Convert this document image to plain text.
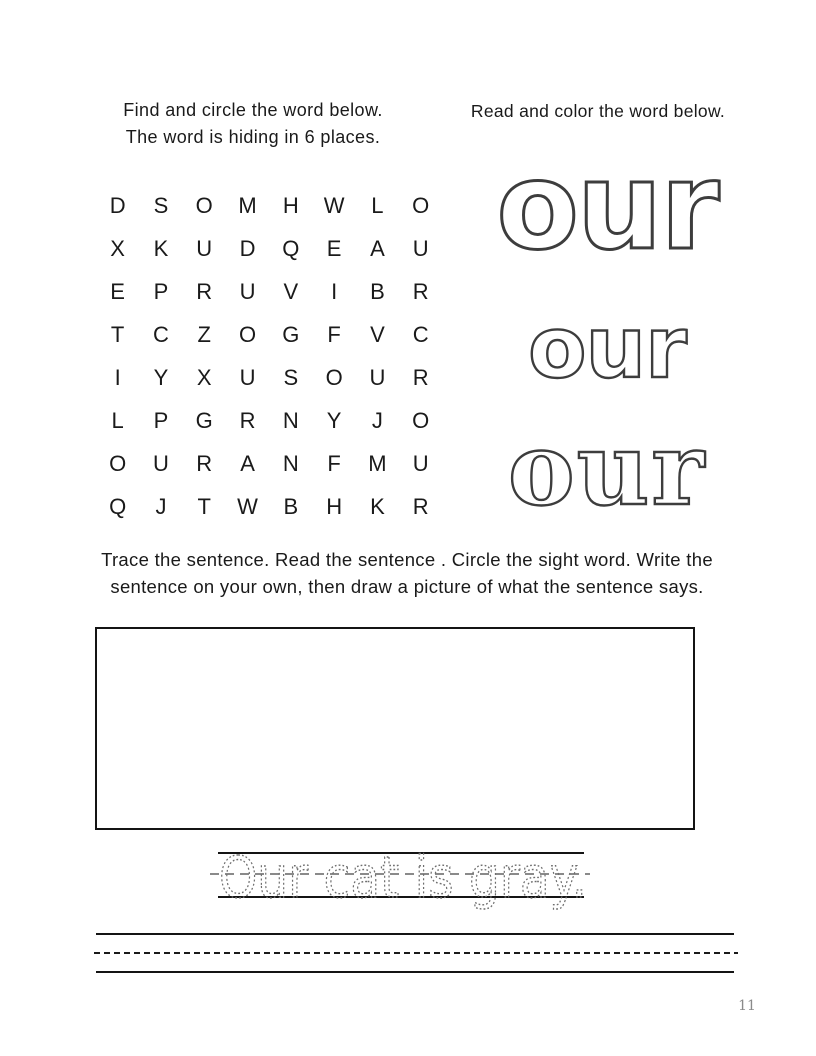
Find and circle the word below.
The word is hiding in 6 places.
Read and color the word below.
D	S	O	M	H	W	L	O
X	K	U	D	Q	E	A	U
E	P	R	U	V	I	B	R
T	C	Z	O	G	F	V	C
I	Y	X	U	S	O	U	R
L	P	G	R	N	Y	J	O
O	U	R	A	N	F	M	U
Q	J	T	W	B	H	K	R
our
our
our
Trace the sentence. Read the sentence . Circle the sight word. Write the
sentence on your own, then draw a picture of what the sentence says.
Our cat is gray.
11
